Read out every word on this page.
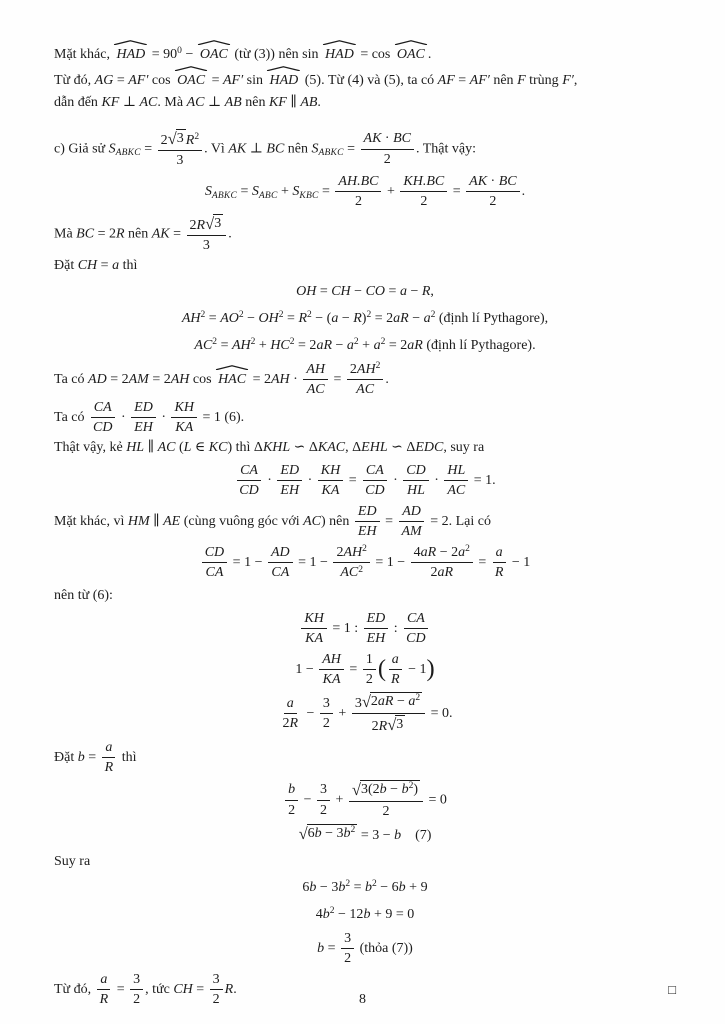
Mặt khác,
HAD = $90^0$ −
OAC (từ (3)) nên sin
HAD = cos
OAC .
Từ đó, AG = AF′ cos
OAC = AF′ sin
HAD (5). Từ (4) và (5), ta có AF = AF′ nên F trùng F′,
dẫn đến KF ⊥ AC. Mà AC ⊥ AB nên KF ∥ AB.
c) Giả sử SABKC = $\frac{2 √ 3 R^2}{3}$ . Vì AK ⊥ BC nên SABKC = $\frac{AK \cdot BC}{2}$ . Thật vậy:
SABKC = SABC + SKBC = $\frac{AH.BC}{2} + \frac{KH.BC}{2} = \frac{AK \cdot BC}{2}$ .
Mà BC = 2R nên AK = $\frac{2R √ 3}{3}$ .
Đặt CH = a thì
OH = CH − CO = a − R,
$AH^2 = AO^2 - OH^2 = R^2 - (a - R)^2 = 2aR - a^2$ (định lí Pythagore),
$AC^2 = AH^2 + HC^2 = 2aR - a^2 + a^2 = 2aR$ (định lí Pythagore).
Ta có AD = 2AM = 2AH cos
HAC = $2AH \cdot \frac{AH}{AC} = \frac{2AH^2}{AC}$ .
Ta có $\frac{CA}{CD} \cdot \frac{ED}{EH} \cdot \frac{KH}{KA} = 1$ (6).
Thật vậy, kẻ HL ∥ AC (L ∈ KC) thì ΔKHL ∽ ΔKAC, ΔEHL ∽ ΔEDC, suy ra
$\frac{CA}{CD} \cdot \frac{ED}{EH} \cdot \frac{KH}{KA} = \frac{CA}{CD} \cdot \frac{CD}{HL} \cdot \frac{HL}{AC} = 1$.
Mặt khác, vì HM ∥ AE (cùng vuông góc với AC) nên $\frac{ED}{EH} = \frac{AD}{AM} = 2$. Lại có
$\frac{CD}{CA} = 1 - \frac{AD}{CA} = 1 - \frac{2AH^2}{AC^2} = 1 - \frac{4aR - 2a^2}{2aR} = \frac{a}{R} - 1$
nên từ (6):
$\frac{KH}{KA} = 1$ : $\frac{ED}{EH}$ : $\frac{CA}{CD}$
$1 - \frac{AH}{KA} = \frac{1}{2}$ ( $\frac{a}{R} - 1$)
$\frac{a}{2R} - \frac{3}{2} + \frac{3 √ 2aR - a^2}{2R √ 3} = 0$.
Đặt $b = \frac{a}{R}$ thì
$\frac{b}{2} - \frac{3}{2} + \frac{√ 3(2b - b^2)}{2} = 0$
√ $6b - 3b^2 = 3 - b$ (7)
Suy ra
$6b - 3b^2 = b^2 - 6b + 9$
$4b^2 - 12b + 9 = 0$
$b = \frac{3}{2}$ (thỏa (7))
Từ đó, $\frac{a}{R} = \frac{3}{2}$ , tức CH = $\frac{3}{2} R$.	□
8
